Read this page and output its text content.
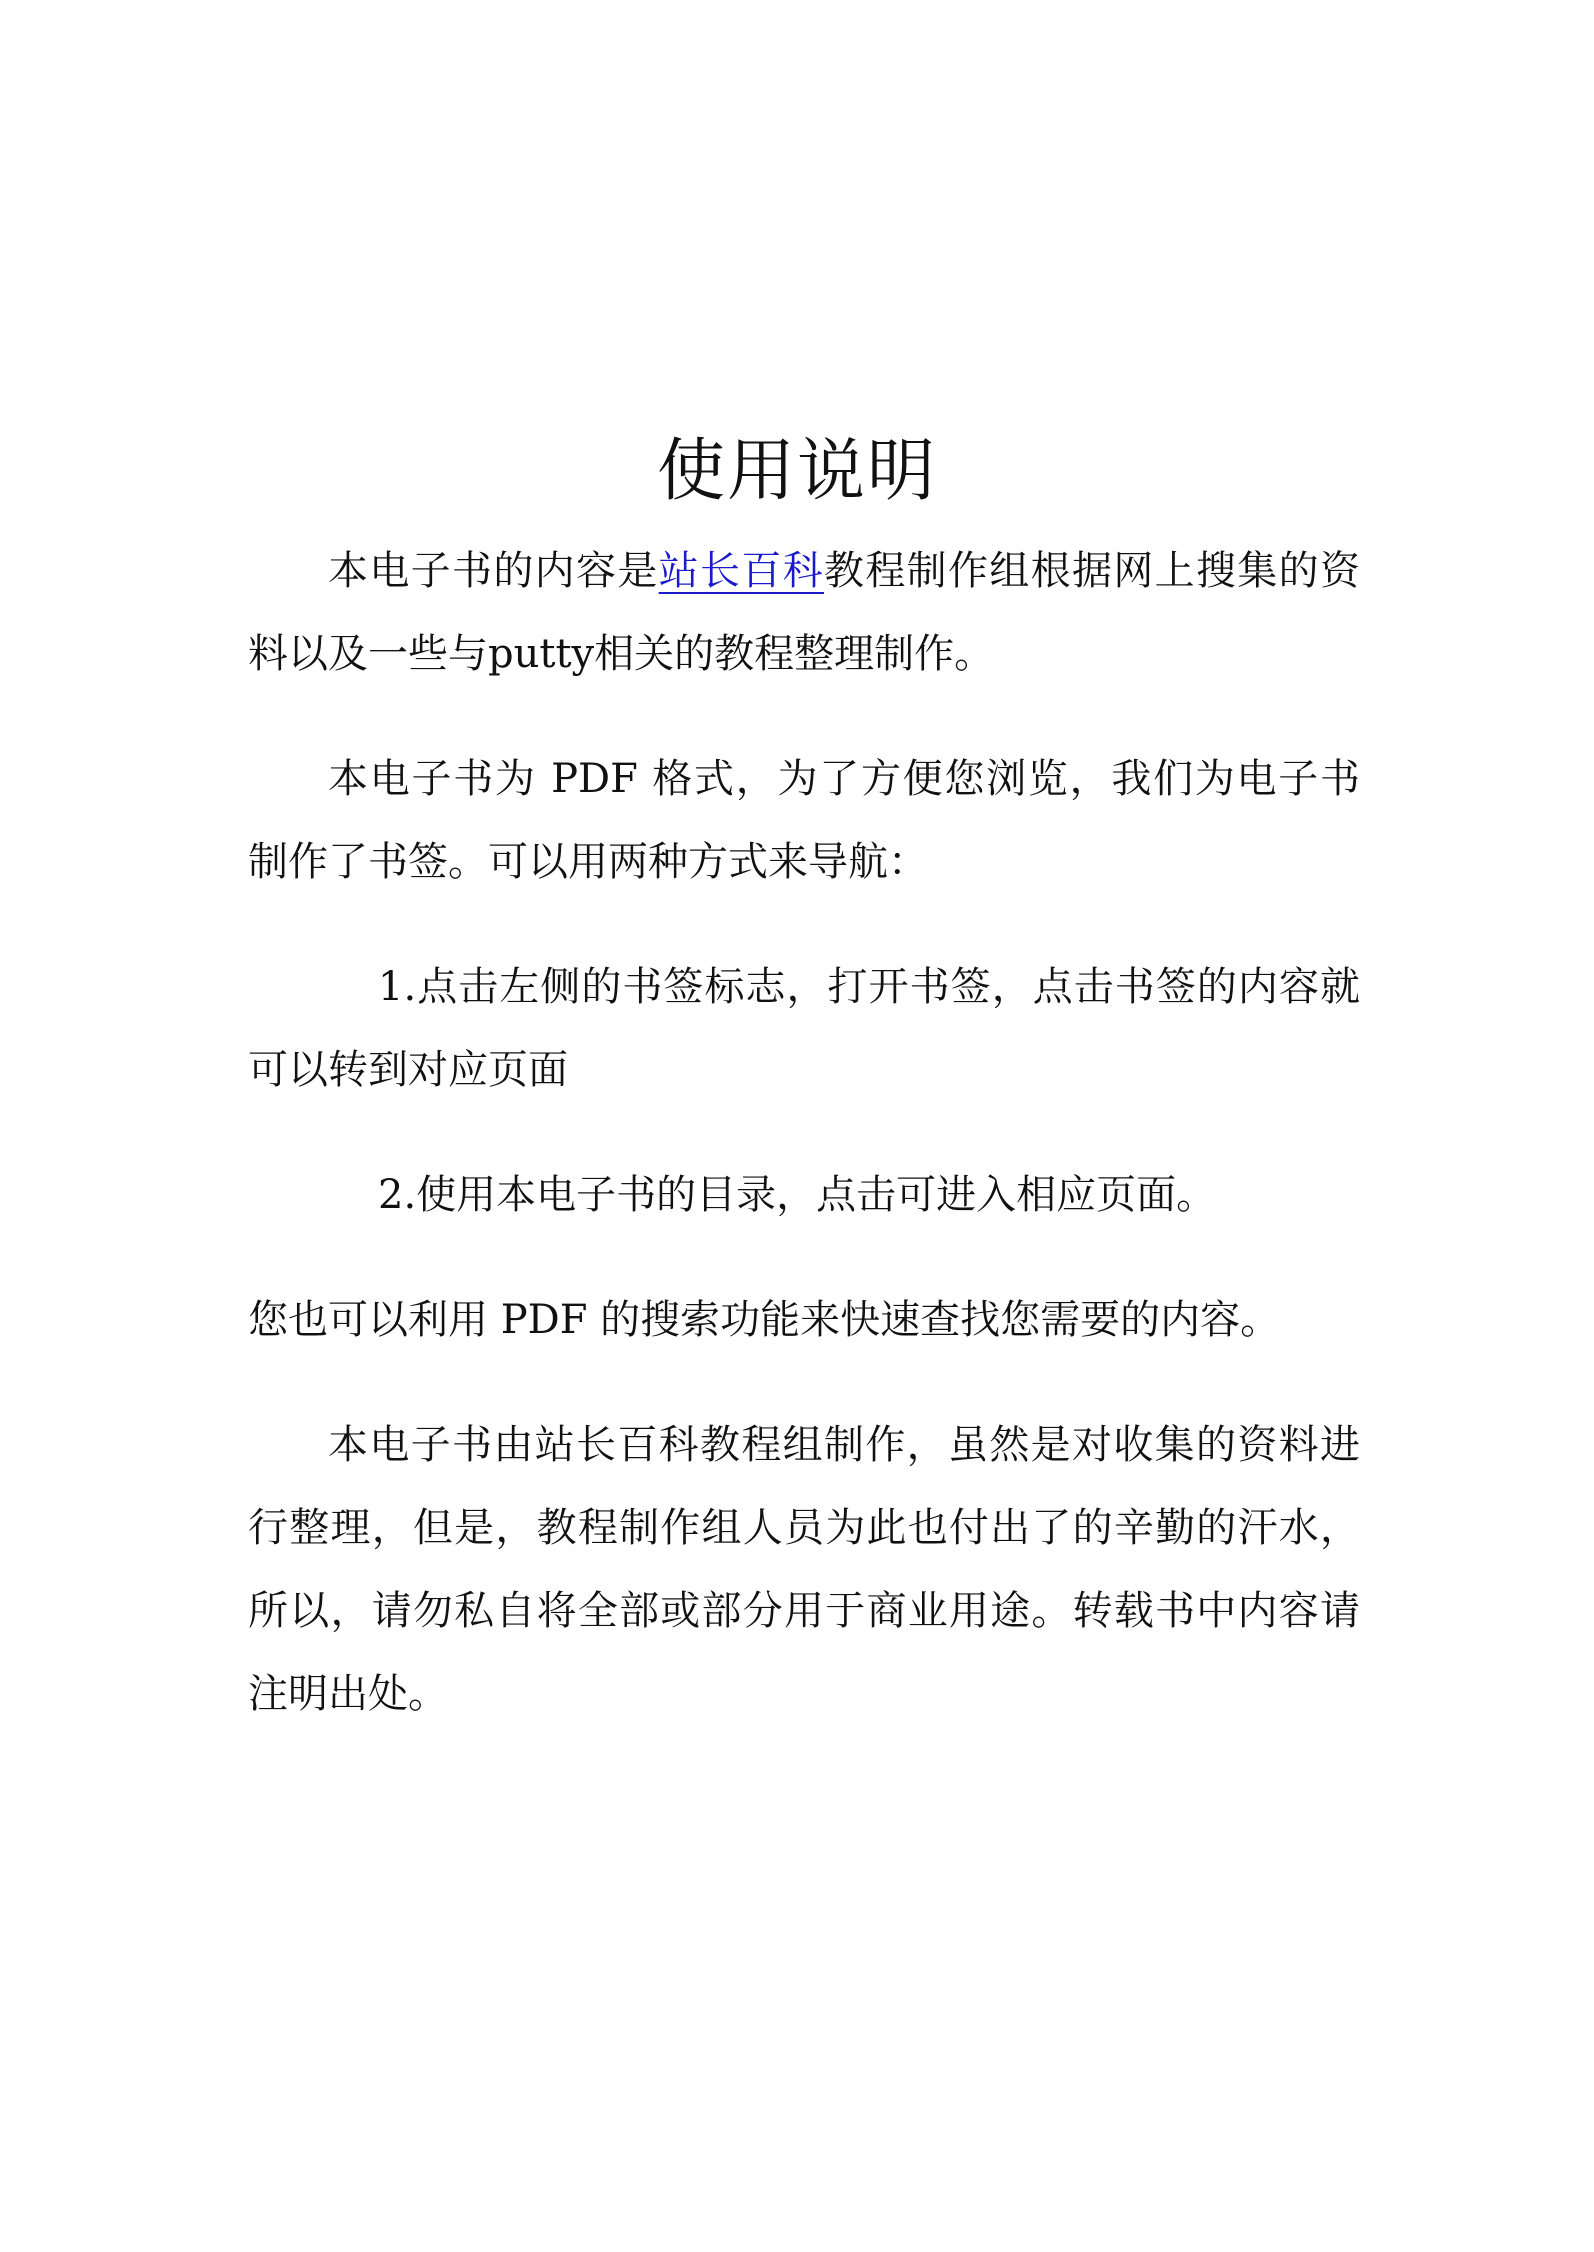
使用说明

本电子书的内容是站长百科教程制作组根据网上搜集的资料以及一些与putty相关的教程整理制作。

本电子书为 PDF 格式，为了方便您浏览，我们为电子书制作了书签。可以用两种方式来导航：

1.点击左侧的书签标志，打开书签，点击书签的内容就可以转到对应页面

2.使用本电子书的目录，点击可进入相应页面。

您也可以利用 PDF 的搜索功能来快速查找您需要的内容。

本电子书由站长百科教程组制作，虽然是对收集的资料进行整理，但是，教程制作组人员为此也付出了的辛勤的汗水，所以，请勿私自将全部或部分用于商业用途。转载书中内容请注明出处。
